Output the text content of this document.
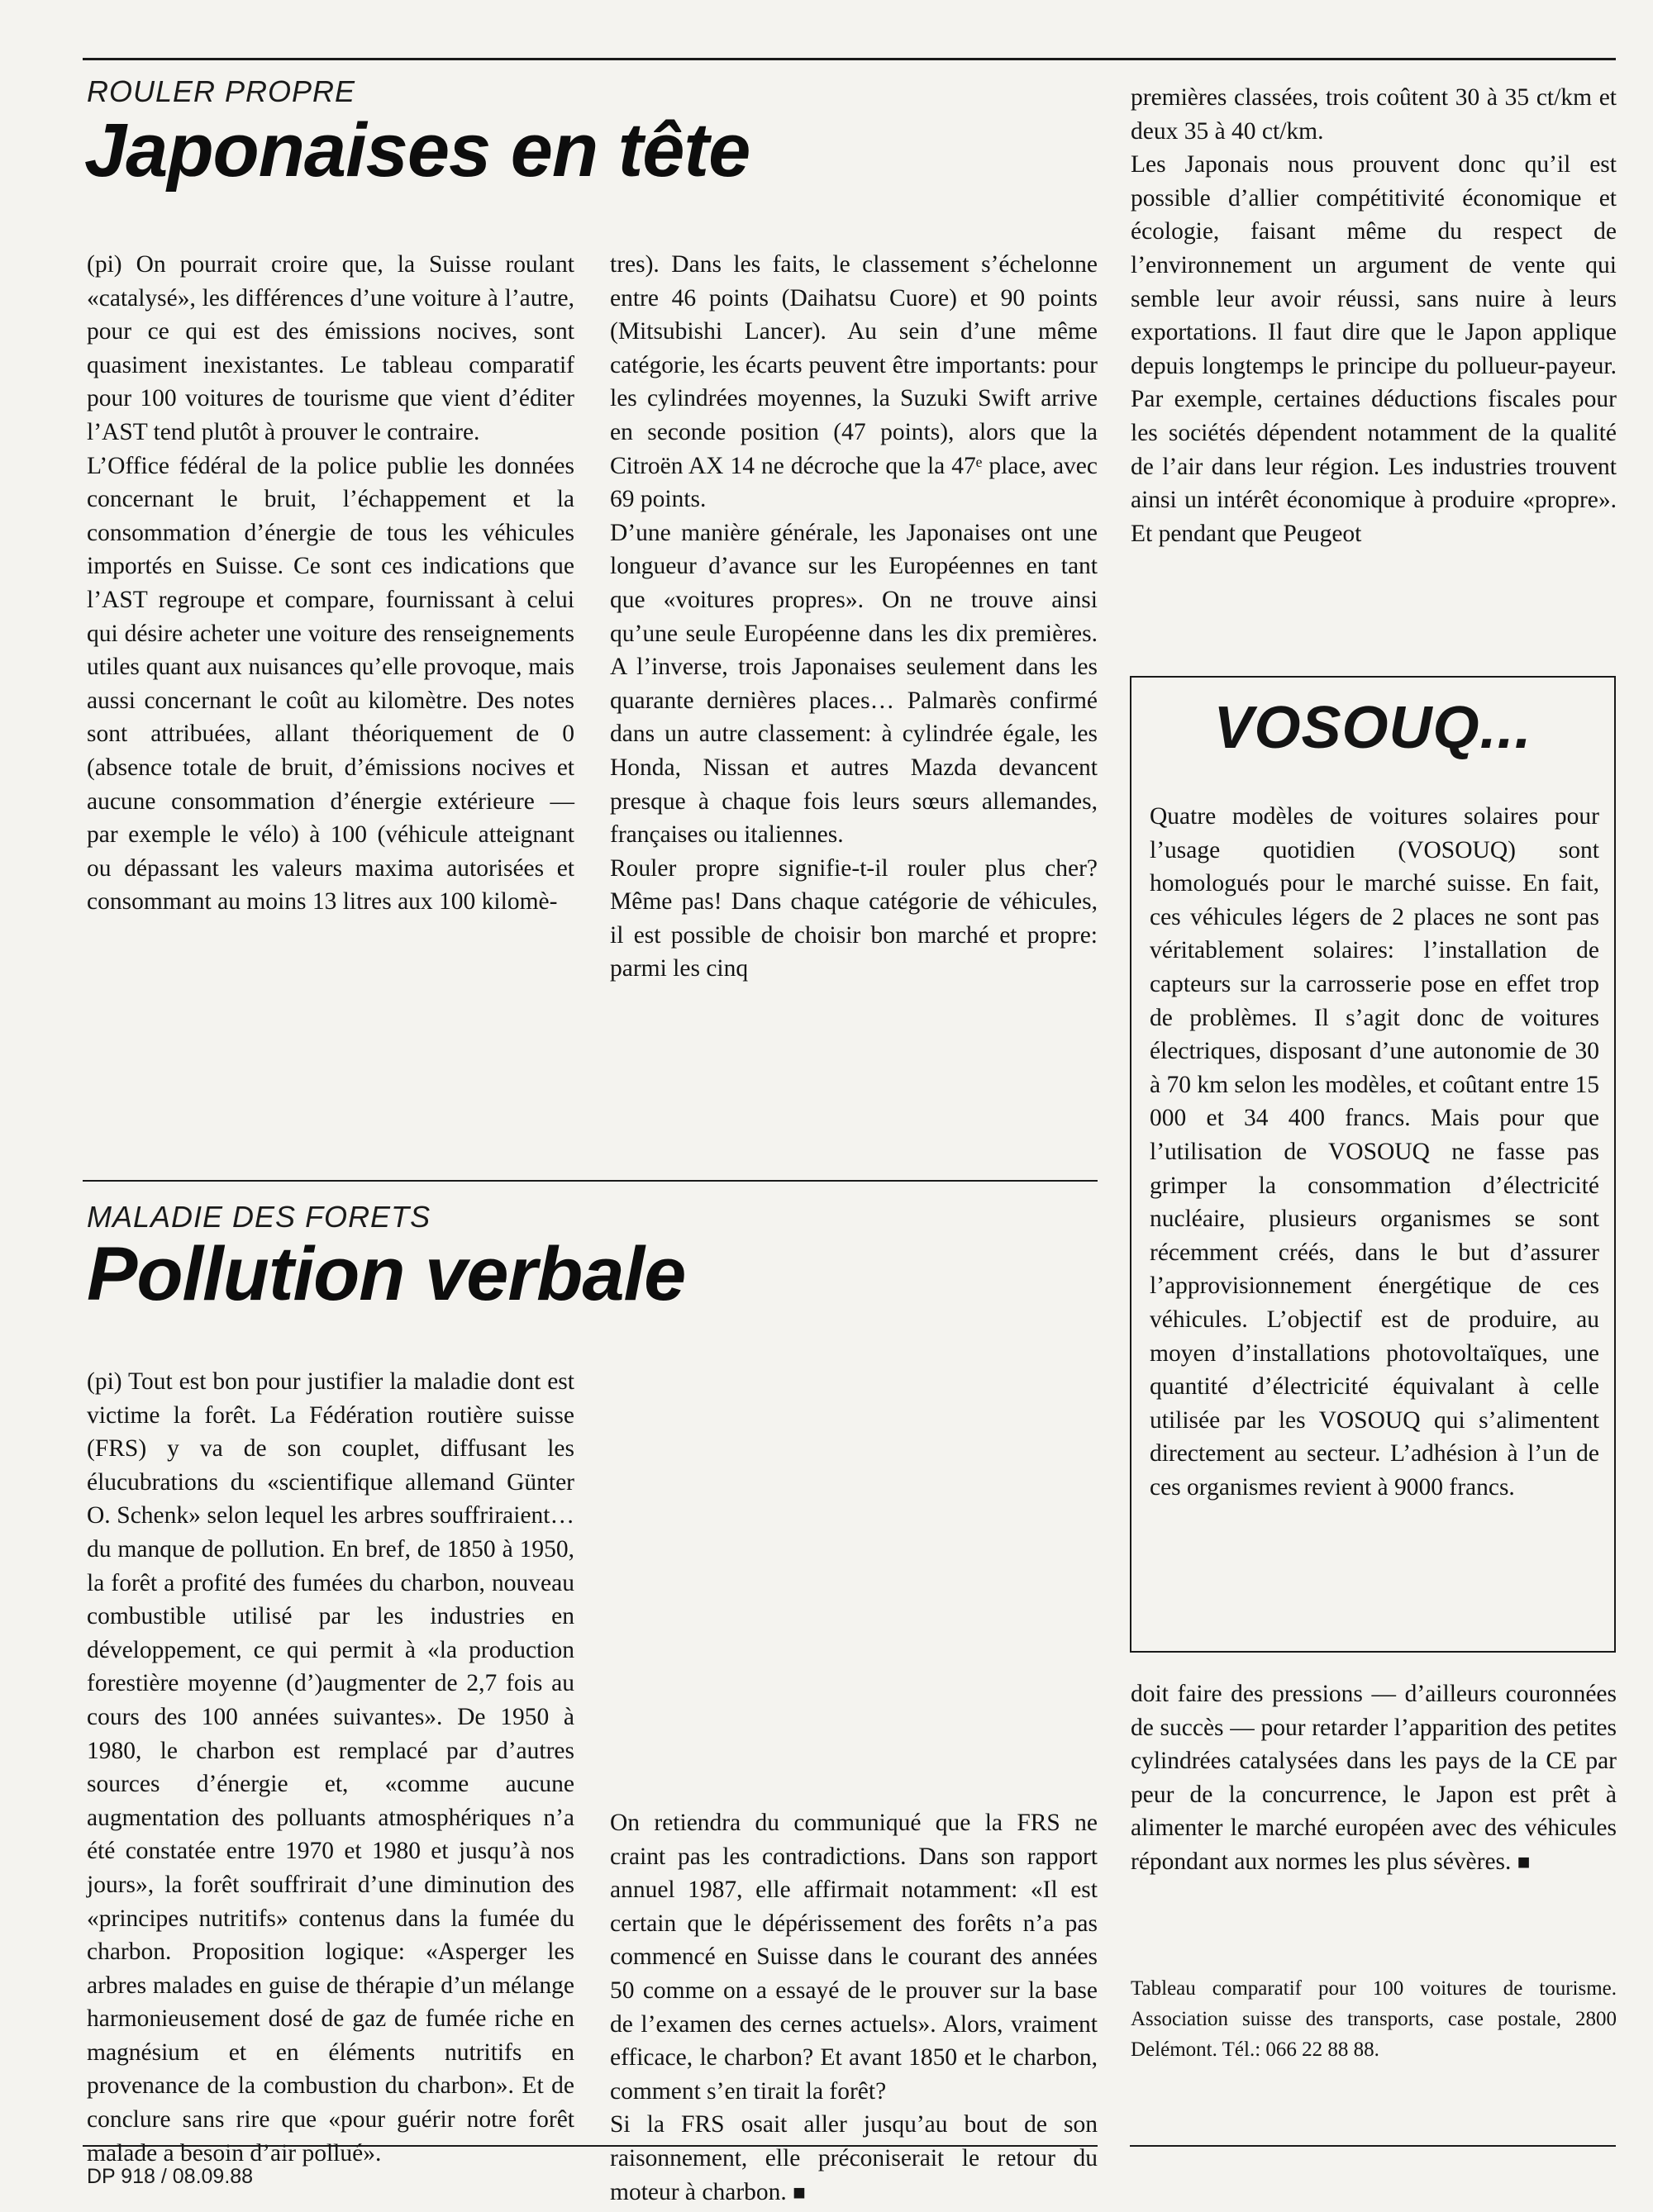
ROULER PROPRE
Japonaises en tête

(pi) On pourrait croire que, la Suisse roulant «catalysé», les différences d’une voiture à l’autre, pour ce qui est des émissions nocives, sont quasiment inexistantes. Le tableau comparatif pour 100 voitures de tourisme que vient d’éditer l’AST tend plutôt à prouver le contraire.

L’Office fédéral de la police publie les données concernant le bruit, l’échappement et la consommation d’énergie de tous les véhicules importés en Suisse. Ce sont ces indications que l’AST regroupe et compare, fournissant à celui qui désire acheter une voiture des renseignements utiles quant aux nuisances qu’elle provoque, mais aussi concernant le coût au kilomètre. Des notes sont attribuées, allant théoriquement de 0 (absence totale de bruit, d’émissions nocives et aucune consommation d’énergie extérieure — par exemple le vélo) à 100 (véhicule atteignant ou dépassant les valeurs maxima autorisées et consommant au moins 13 litres aux 100 kilomè-

tres). Dans les faits, le classement s’échelonne entre 46 points (Daihatsu Cuore) et 90 points (Mitsubishi Lancer). Au sein d’une même catégorie, les écarts peuvent être importants: pour les cylindrées moyennes, la Suzuki Swift arrive en seconde position (47 points), alors que la Citroën AX 14 ne décroche que la 47ᵉ place, avec 69 points.

D’une manière générale, les Japonaises ont une longueur d’avance sur les Européennes en tant que «voitures propres». On ne trouve ainsi qu’une seule Européenne dans les dix premières. A l’inverse, trois Japonaises seulement dans les quarante dernières places… Palmarès confirmé dans un autre classement: à cylindrée égale, les Honda, Nissan et autres Mazda devancent presque à chaque fois leurs sœurs allemandes, françaises ou italiennes.

Rouler propre signifie-t-il rouler plus cher? Même pas! Dans chaque catégorie de véhicules, il est possible de choisir bon marché et propre: parmi les cinq

premières classées, trois coûtent 30 à 35 ct/km et deux 35 à 40 ct/km.

Les Japonais nous prouvent donc qu’il est possible d’allier compétitivité économique et écologie, faisant même du respect de l’environnement un argument de vente qui semble leur avoir réussi, sans nuire à leurs exportations. Il faut dire que le Japon applique depuis longtemps le principe du pollueur-payeur. Par exemple, certaines déductions fiscales pour les sociétés dépendent notamment de la qualité de l’air dans leur région. Les industries trouvent ainsi un intérêt économique à produire «propre». Et pendant que Peugeot

VOSOUQ...
Quatre modèles de voitures solaires pour l’usage quotidien (VOSOUQ) sont homologués pour le marché suisse. En fait, ces véhicules légers de 2 places ne sont pas véritablement solaires: l’installation de capteurs sur la carrosserie pose en effet trop de problèmes. Il s’agit donc de voitures électriques, disposant d’une autonomie de 30 à 70 km selon les modèles, et coûtant entre 15 000 et 34 400 francs. Mais pour que l’utilisation de VOSOUQ ne fasse pas grimper la consommation d’électricité nucléaire, plusieurs organismes se sont récemment créés, dans le but d’assurer l’approvisionnement énergétique de ces véhicules. L’objectif est de produire, au moyen d’installations photovoltaïques, une quantité d’électricité équivalant à celle utilisée par les VOSOUQ qui s’alimentent directement au secteur. L’adhésion à l’un de ces organismes revient à 9000 francs.

doit faire des pressions — d’ailleurs couronnées de succès — pour retarder l’apparition des petites cylindrées catalysées dans les pays de la CE par peur de la concurrence, le Japon est prêt à alimenter le marché européen avec des véhicules répondant aux normes les plus sévères. ■

Tableau comparatif pour 100 voitures de tourisme. Association suisse des transports, case postale, 2800 Delémont. Tél.: 066 22 88 88.
MALADIE DES FORETS
Pollution verbale

(pi) Tout est bon pour justifier la maladie dont est victime la forêt. La Fédération routière suisse (FRS) y va de son couplet, diffusant les élucubrations du «scientifique allemand Günter O. Schenk» selon lequel les arbres souffriraient… du manque de pollution. En bref, de 1850 à 1950, la forêt a profité des fumées du charbon, nouveau combustible utilisé par les industries en développement, ce qui permit à «la production forestière moyenne (d’)augmenter de 2,7 fois au cours des 100 années suivantes». De 1950 à 1980, le charbon est remplacé par d’autres sources d’énergie et, «comme aucune augmentation des polluants atmosphériques n’a été constatée entre 1970 et 1980 et jusqu’à nos jours», la forêt souffrirait d’une diminution des «principes nutritifs» contenus dans la fumée du charbon. Proposition logique: «Asperger les arbres malades en guise de thérapie d’un mélange harmonieusement dosé de gaz de fumée riche en magnésium et en éléments nutritifs en provenance de la combustion du charbon». Et de conclure sans rire que «pour guérir notre forêt malade a besoin d’air pollué».

On retiendra du communiqué que la FRS ne craint pas les contradictions. Dans son rapport annuel 1987, elle affirmait notamment: «Il est certain que le dépérissement des forêts n’a pas commencé en Suisse dans le courant des années 50 comme on a essayé de le prouver sur la base de l’examen des cernes actuels». Alors, vraiment efficace, le charbon? Et avant 1850 et le charbon, comment s’en tirait la forêt?

Si la FRS osait aller jusqu’au bout de son raisonnement, elle préconiserait le retour du moteur à charbon. ■

DP 918 / 08.09.88
